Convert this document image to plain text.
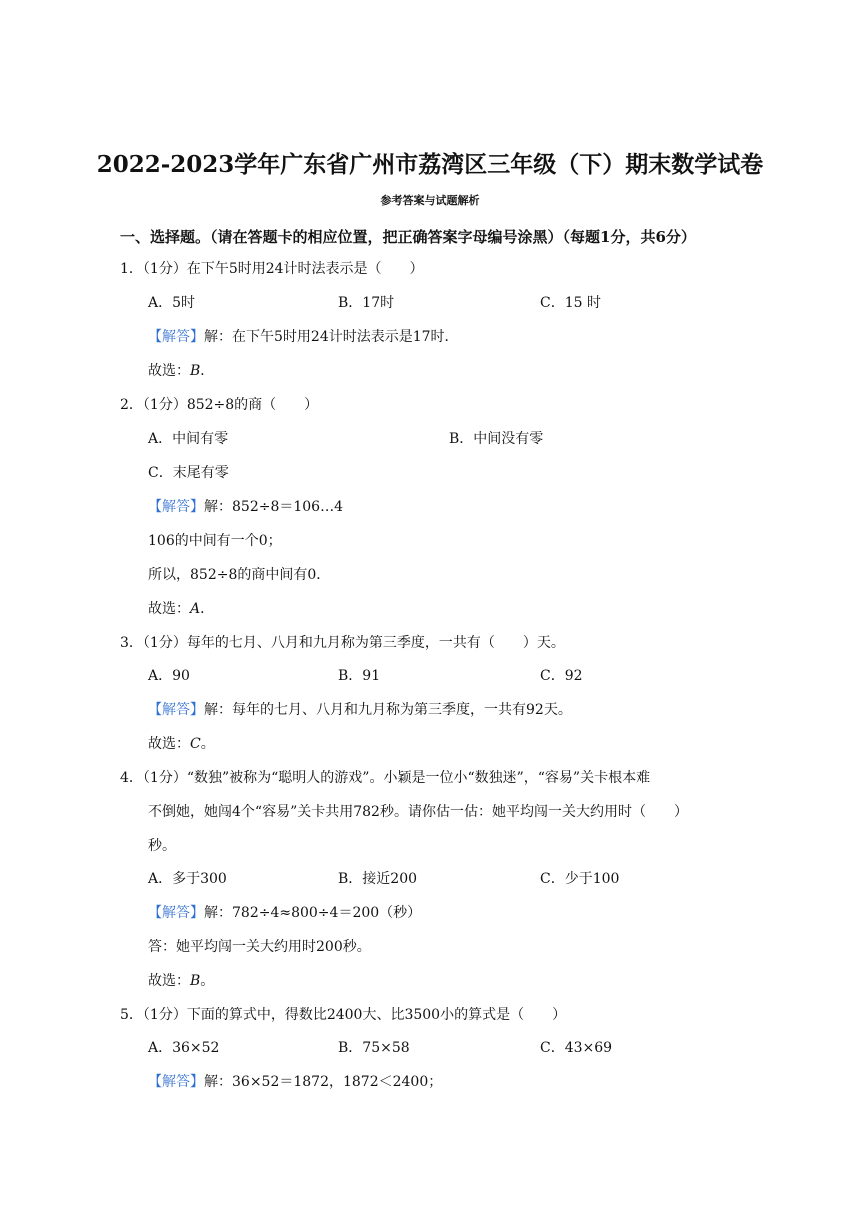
2022-2023学年广东省广州市荔湾区三年级（下）期末数学试卷
参考答案与试题解析
一、选择题。（请在答题卡的相应位置，把正确答案字母编号涂黑）（每题1分，共6分）
1．（1分）在下午5时用24计时法表示是（　　）
A．5时	B．17时	C．15 时
【解答】解：在下午5时用24计时法表示是17时．
故选：B．
2．（1分）852÷8的商（　　）
A．中间有零	B．中间没有零
C．末尾有零
【解答】解：852÷8＝106…4
106的中间有一个0；
所以，852÷8的商中间有0．
故选：A．
3．（1分）每年的七月、八月和九月称为第三季度，一共有（　　）天。
A．90	B．91	C．92
【解答】解：每年的七月、八月和九月称为第三季度，一共有92天。
故选：C。
4．（1分）“数独”被称为“聪明人的游戏”。小颖是一位小“数独迷”，“容易”关卡根本难
不倒她，她闯4个“容易”关卡共用782秒。请你估一估：她平均闯一关大约用时（　　）
秒。
A．多于300	B．接近200	C．少于100
【解答】解：782÷4≈800÷4＝200（秒）
答：她平均闯一关大约用时200秒。
故选：B。
5．（1分）下面的算式中，得数比2400大、比3500小的算式是（　　）
A．36×52	B．75×58	C．43×69
【解答】解：36×52＝1872，1872＜2400；
